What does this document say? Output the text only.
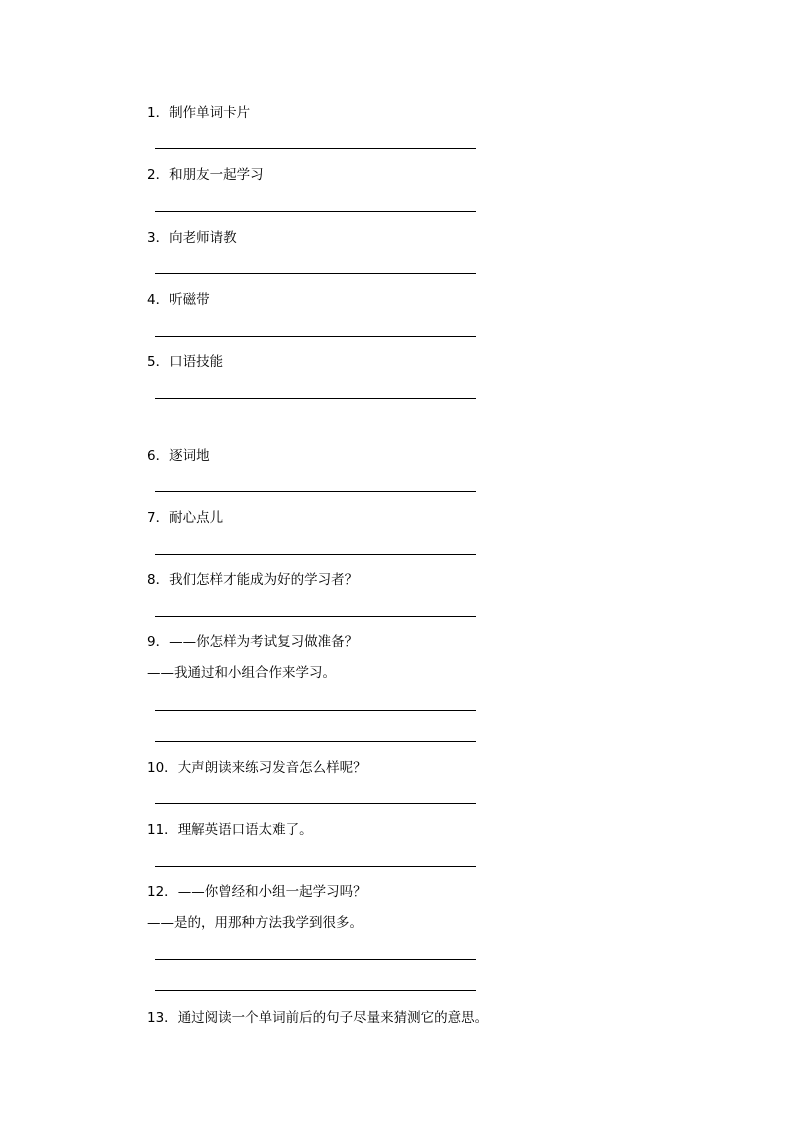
1．制作单词卡片
2．和朋友一起学习
3．向老师请教
4．听磁带
5．口语技能
6．逐词地
7．耐心点儿
8．我们怎样才能成为好的学习者？
9．——你怎样为考试复习做准备？
——我通过和小组合作来学习。
10．大声朗读来练习发音怎么样呢？
11．理解英语口语太难了。
12．——你曾经和小组一起学习吗？
——是的，用那种方法我学到很多。
13．通过阅读一个单词前后的句子尽量来猜测它的意思。
